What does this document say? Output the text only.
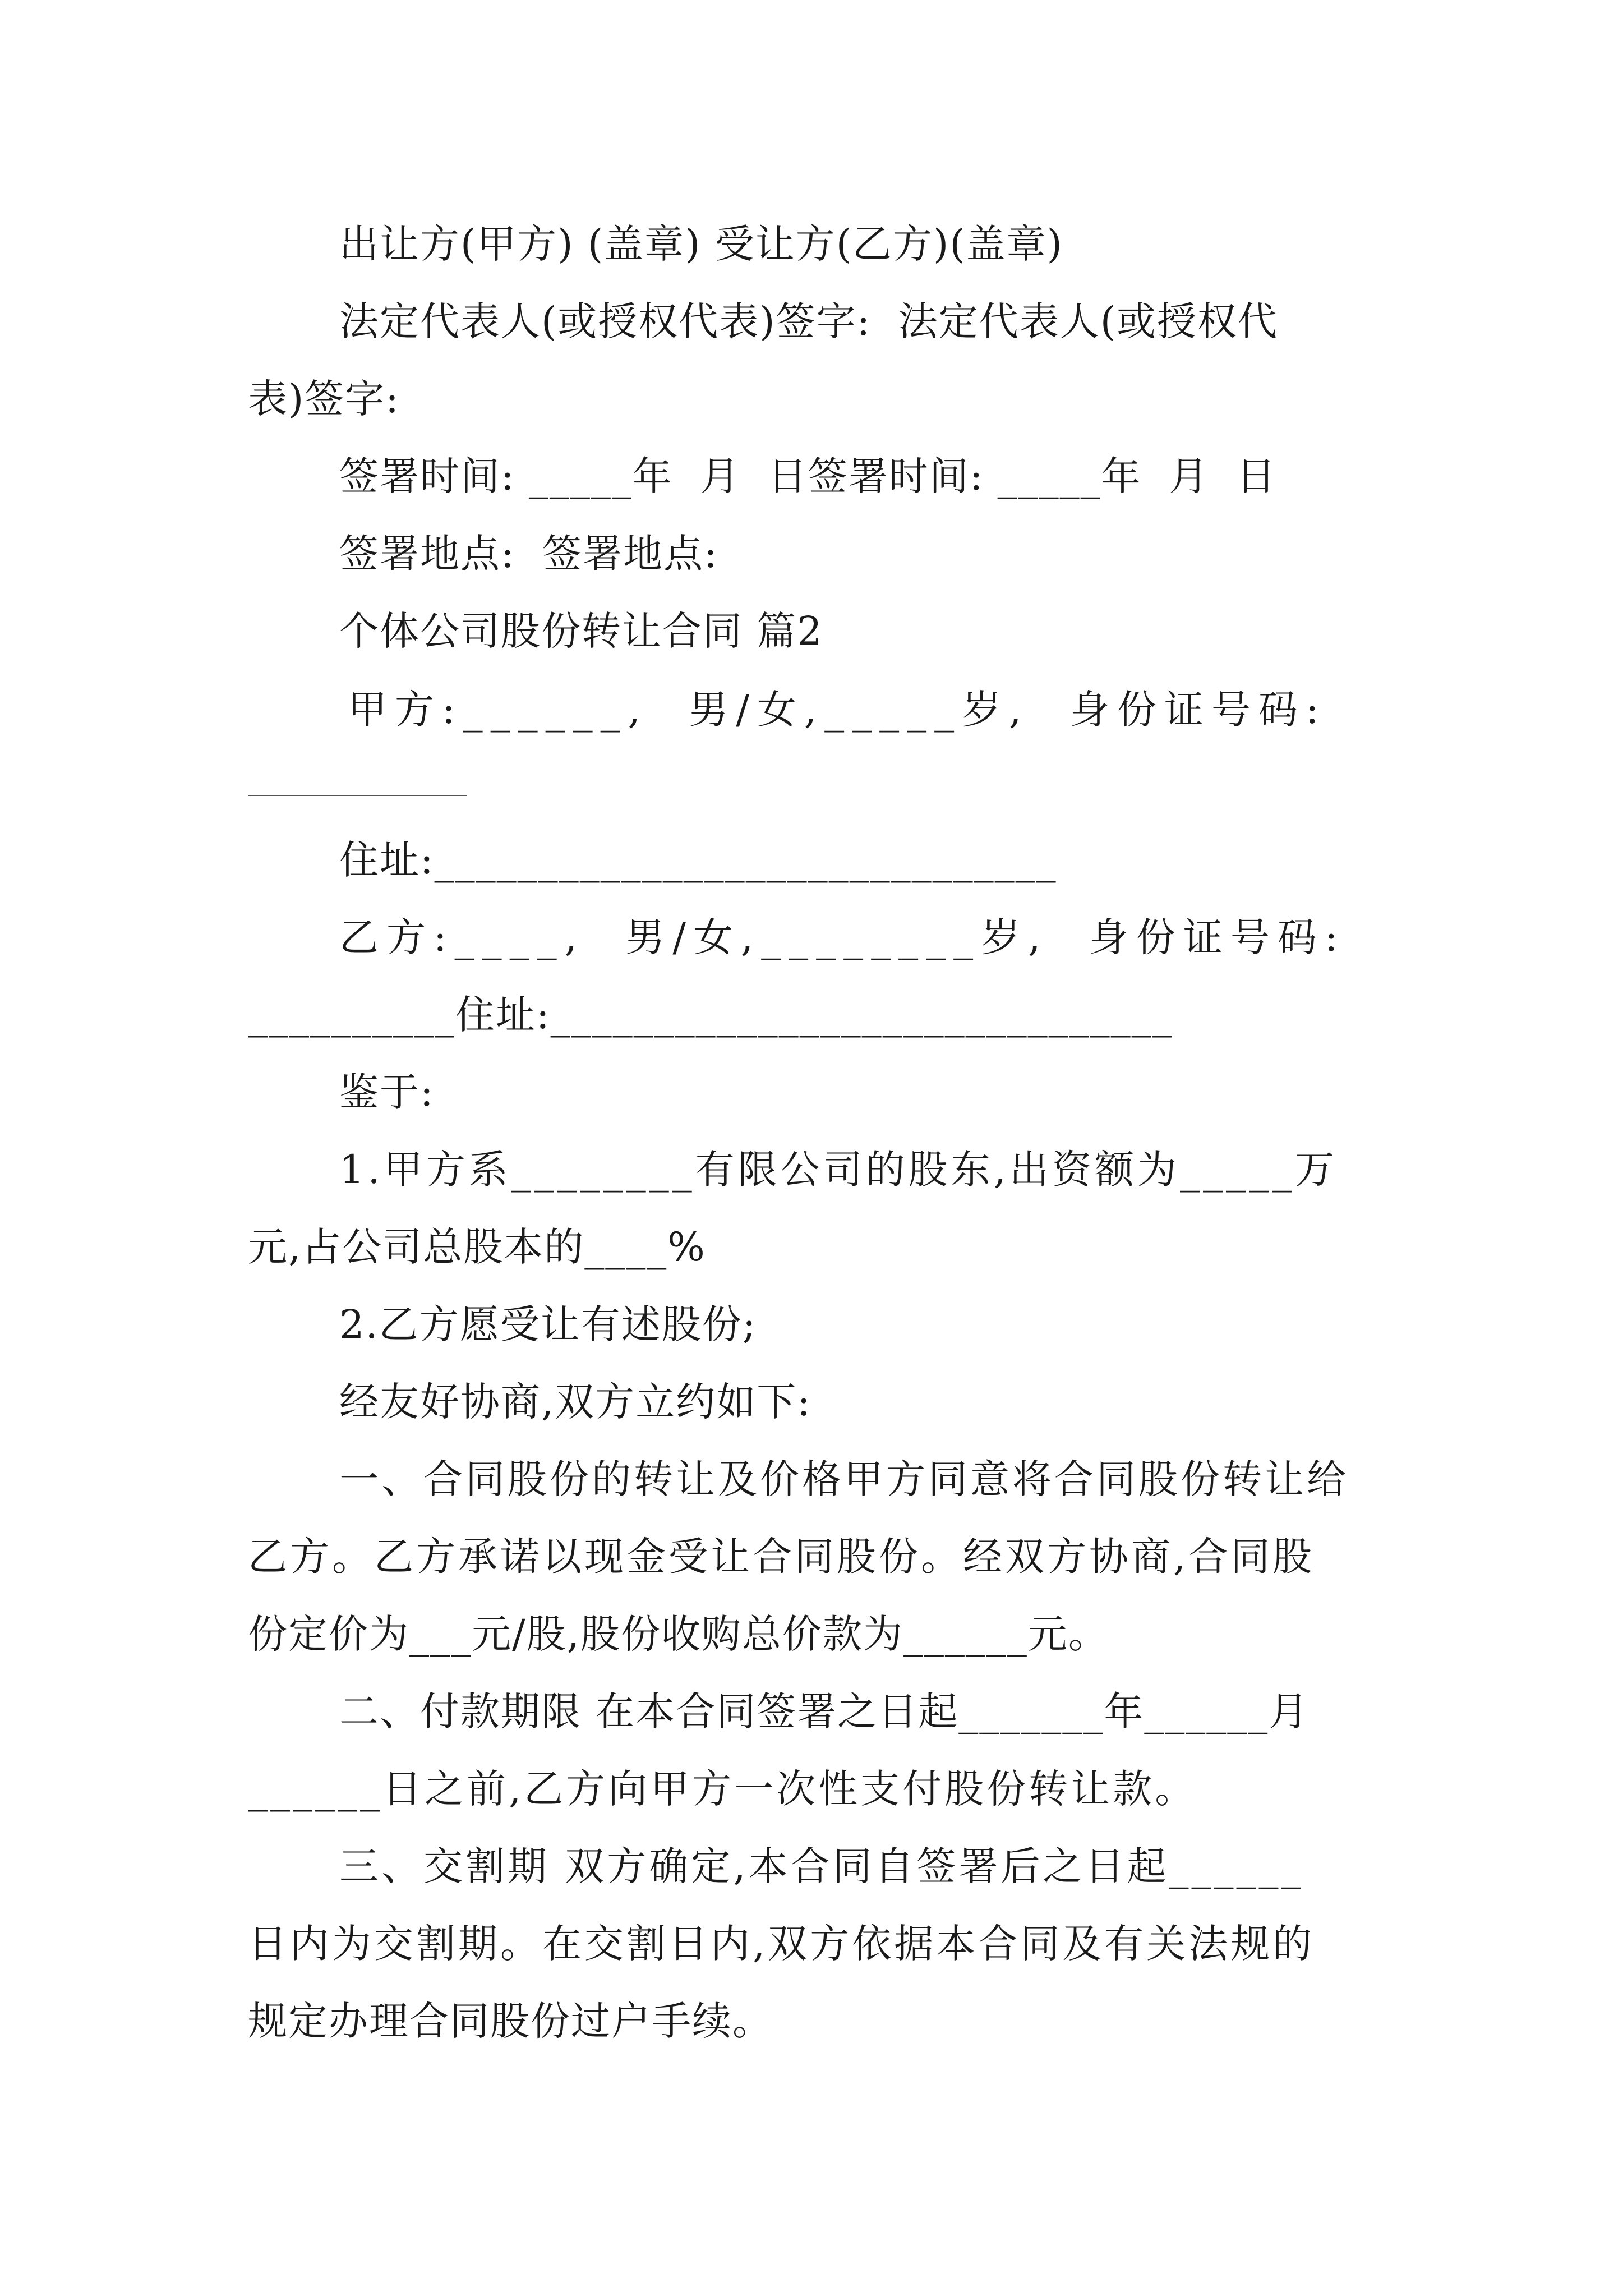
出让方(甲方) (盖章) 受让方(乙方)(盖章)
法定代表人(或授权代表)签字:  法定代表人(或授权代
表)签字:
签署时间: _____年  月  日签署时间: _____年  月  日
签署地点:  签署地点:
个体公司股份转让合同 篇2
甲方:______,  男/女,_____岁,  身份证号码:
住址:______________________________
乙方:____,  男/女,________岁,  身份证号码:
__________住址:______________________________
鉴于:
1.甲方系________有限公司的股东,出资额为_____万
元,占公司总股本的____%
2.乙方愿受让有述股份;
经友好协商,双方立约如下:
一、合同股份的转让及价格甲方同意将合同股份转让给
乙方。乙方承诺以现金受让合同股份。经双方协商,合同股
份定价为___元/股,股份收购总价款为______元。
二、付款期限 在本合同签署之日起_______年______月
______日之前,乙方向甲方一次性支付股份转让款。
三、交割期 双方确定,本合同自签署后之日起______
日内为交割期。在交割日内,双方依据本合同及有关法规的
规定办理合同股份过户手续。
